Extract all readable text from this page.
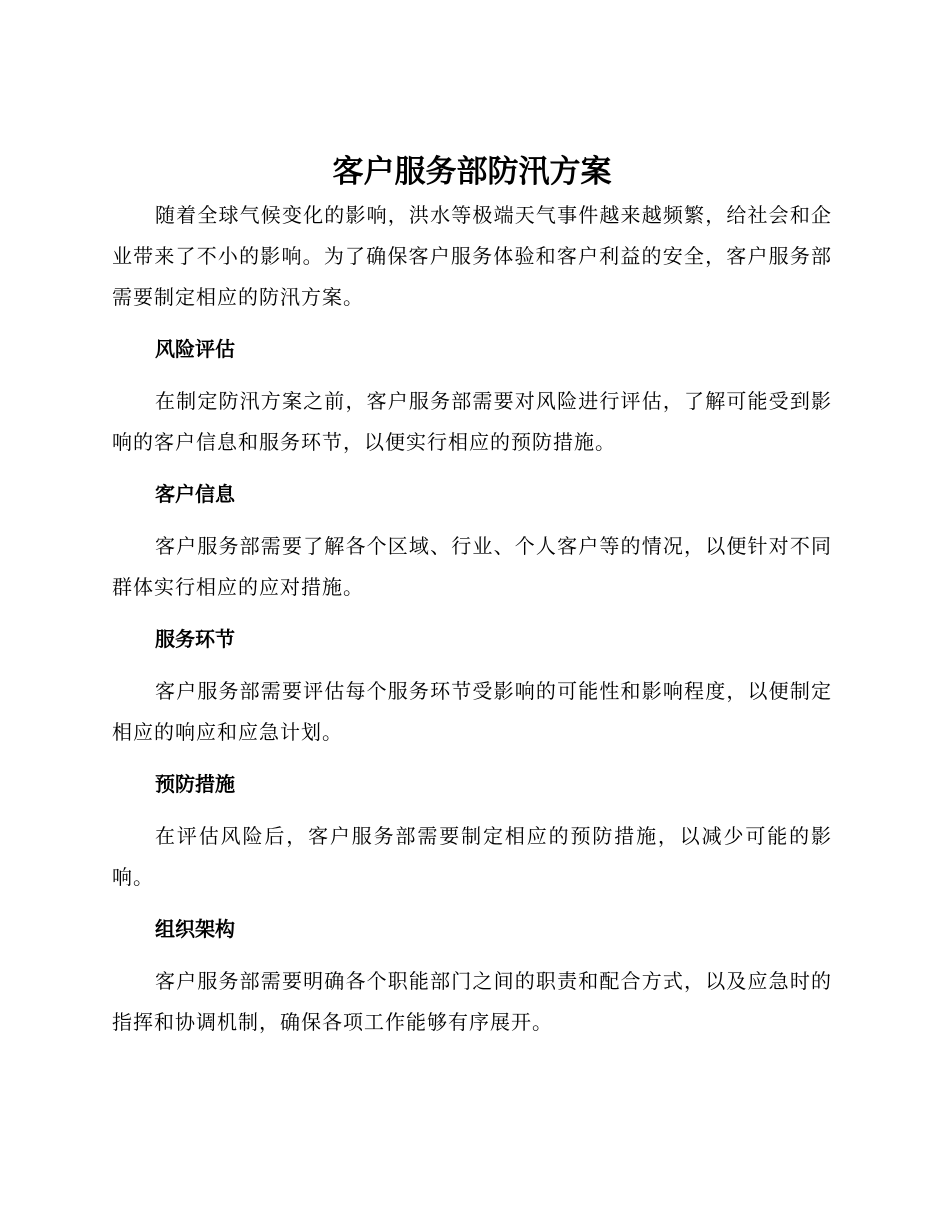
客户服务部防汛方案

随着全球气候变化的影响，洪水等极端天气事件越来越频繁，给社会和企业带来了不小的影响。为了确保客户服务体验和客户利益的安全，客户服务部需要制定相应的防汛方案。

风险评估

在制定防汛方案之前，客户服务部需要对风险进行评估，了解可能受到影响的客户信息和服务环节，以便实行相应的预防措施。

客户信息

客户服务部需要了解各个区域、行业、个人客户等的情况，以便针对不同群体实行相应的应对措施。

服务环节

客户服务部需要评估每个服务环节受影响的可能性和影响程度，以便制定相应的响应和应急计划。

预防措施

在评估风险后，客户服务部需要制定相应的预防措施，以减少可能的影响。

组织架构

客户服务部需要明确各个职能部门之间的职责和配合方式，以及应急时的指挥和协调机制，确保各项工作能够有序展开。
